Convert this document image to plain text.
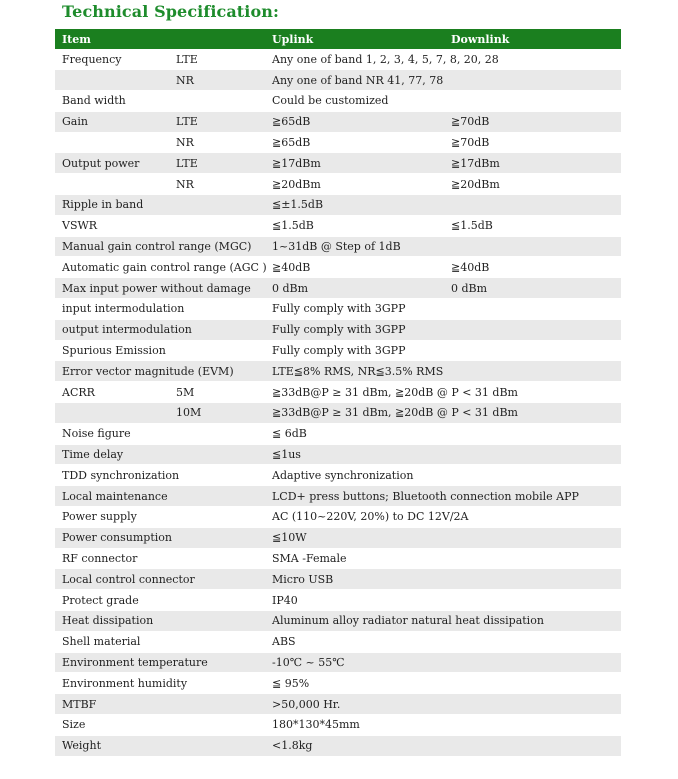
Technical Specification:
Item		Uplink	Downlink
Frequency	LTE	Any one of band 1, 2, 3, 4, 5, 7, 8, 20, 28	
	NR	Any one of band NR 41, 77, 78	
Band width		Could be customized	
Gain	LTE	≧65dB	≧70dB
	NR	≧65dB	≧70dB
Output power	LTE	≧17dBm	≧17dBm
	NR	≧20dBm	≧20dBm
Ripple in band		≦±1.5dB	
VSWR		≦1.5dB	≦1.5dB
Manual gain control range (MGC)		1~31dB @ Step of 1dB	
Automatic gain control range (AGC )		≧40dB	≧40dB
Max input power without damage		0 dBm	0 dBm
input intermodulation		Fully comply with 3GPP	
output intermodulation		Fully comply with 3GPP	
Spurious Emission		Fully comply with 3GPP	
Error vector magnitude (EVM)		LTE≦8% RMS, NR≦3.5% RMS	
ACRR	5M	≧33dB@P ≥ 31 dBm, ≧20dB @ P < 31 dBm	
	10M	≧33dB@P ≥ 31 dBm, ≧20dB @ P < 31 dBm	
Noise figure		≦ 6dB	
Time delay		≦1us	
TDD synchronization		Adaptive synchronization	
Local maintenance		LCD+ press buttons; Bluetooth connection mobile APP	
Power supply		AC (110~220V, 20%) to DC 12V/2A	
Power consumption		≦10W	
RF connector		SMA -Female	
Local control connector		Micro USB	
Protect grade		IP40	
Heat dissipation		Aluminum alloy radiator natural heat dissipation	
Shell material		ABS	
Environment temperature		-10℃ ~ 55℃	
Environment humidity		≦ 95%	
MTBF		>50,000 Hr.	
Size		180*130*45mm	
Weight		<1.8kg	
